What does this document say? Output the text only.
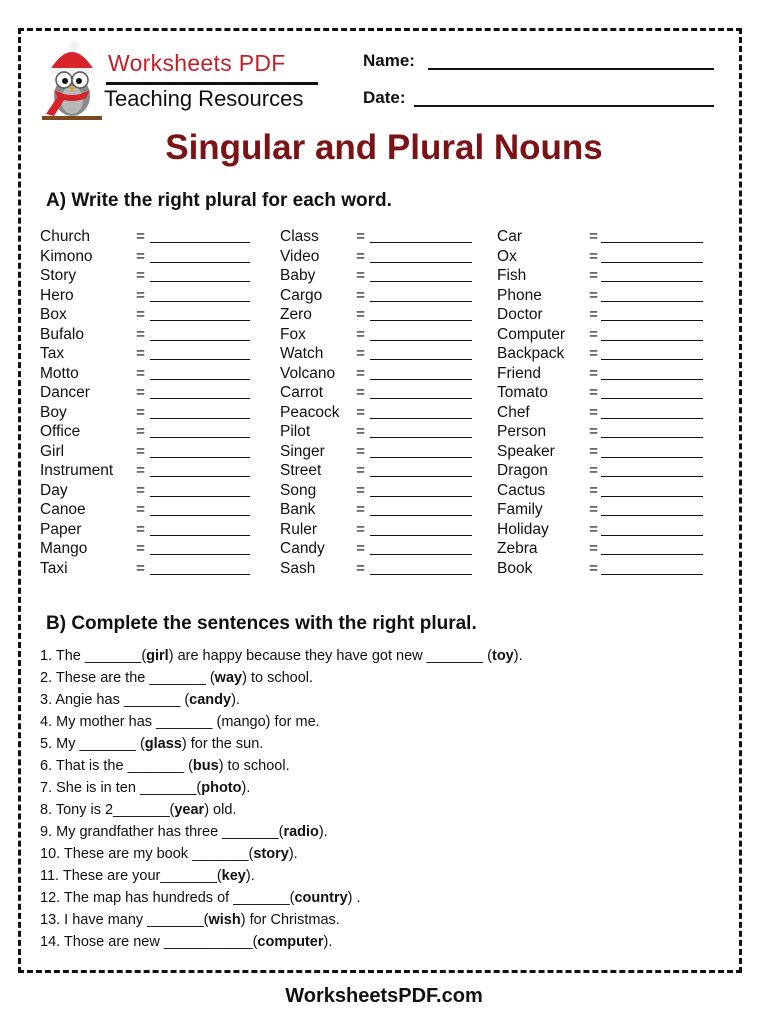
Worksheets PDF
Teaching Resources
Name:
Date:
Singular and Plural Nouns
A) Write the right plural for each word.
Church	=
Kimono	=
Story	=
Hero	=
Box	=
Bufalo	=
Tax	=
Motto	=
Dancer	=
Boy	=
Office	=
Girl	=
Instrument =
Day	=
Canoe	=
Paper	=
Mango	=
Taxi	=
Class =
Video =
Baby	=
Cargo =
Zero	=
Fox	=
Watch =
Volcano =
Carrot =
Peacock =
Pilot	=
Singer =
Street =
Song	=
Bank	=
Ruler	=
Candy =
Sash	=
Car	=
Ox	=
Fish	=
Phone	=
Doctor	=
Computer =
Backpack =
Friend	=
Tomato	=
Chef	=
Person	=
Speaker =
Dragon	=
Cactus	=
Family	=
Holiday	=
Zebra	=
Book	=
B) Complete the sentences with the right plural.
1. The _______(girl) are happy because they have got new _______ (toy).
2. These are the _______ (way) to school.
3. Angie has _______ (candy).
4. My mother has _______ (mango) for me.
5. My _______ (glass) for the sun.
6. That is the _______ (bus) to school.
7. She is in ten _______(photo).
8. Tony is 2_______(year) old.
9. My grandfather has three _______(radio).
10. These are my book _______(story).
11. These are your_______(key).
12. The map has hundreds of _______(country) .
13. I have many _______(wish) for Christmas.
14. Those are new ___________(computer).
WorksheetsPDF.com
